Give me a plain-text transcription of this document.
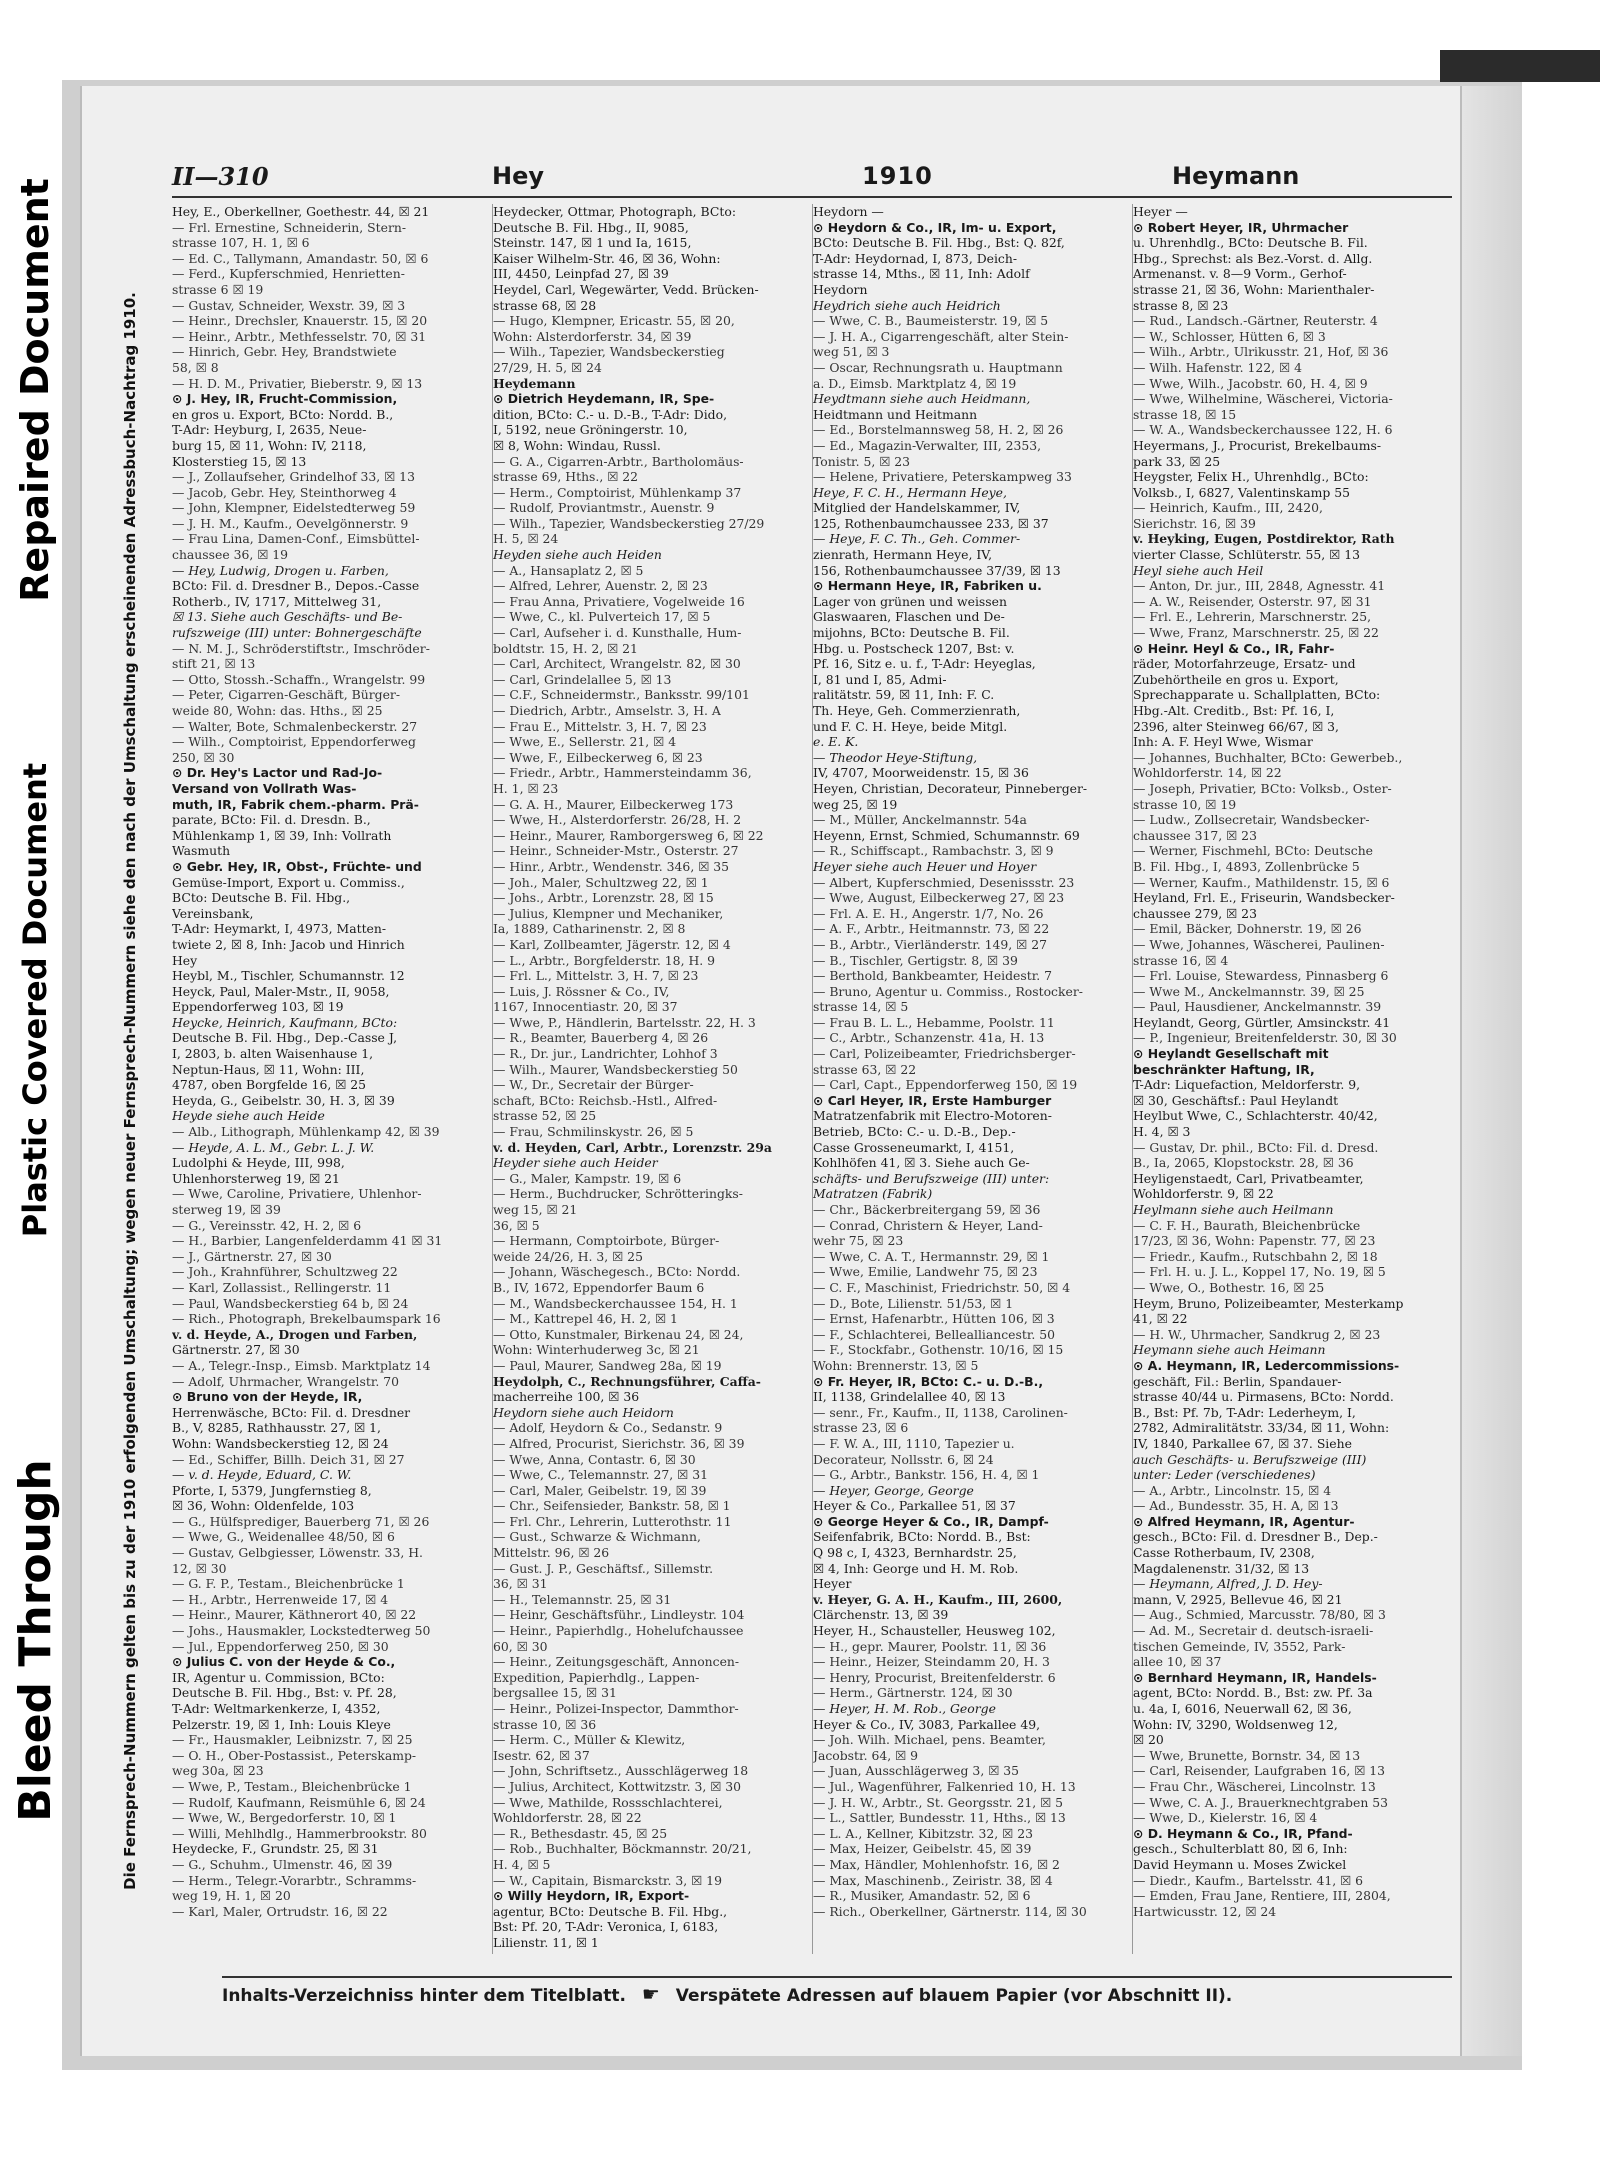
Repaired Document
Plastic Covered Document
Bleed Through
II—310	Hey	1910	Heymann
Die Fernsprech-Nummern gelten bis zu der 1910 erfolgenden Umschaltung; wegen neuer Fernsprech-Nummern siehe den nach der Umschaltung erscheinenden Adressbuch-Nachtrag 1910.
Hey, E., Oberkellner, Goethestr. 44, ☒ 21
— Frl. Ernestine, Schneiderin, Stern-
strasse 107, H. 1, ☒ 6
— Ed. C., Tallymann, Amandastr. 50, ☒ 6
— Ferd., Kupferschmied, Henrietten-
strasse 6 ☒ 19
— Gustav, Schneider, Wexstr. 39, ☒ 3
— Heinr., Drechsler, Knauerstr. 15, ☒ 20
— Heinr., Arbtr., Methfesselstr. 70, ☒ 31
— Hinrich, Gebr. Hey, Brandstwiete
58, ☒ 8
— H. D. M., Privatier, Bieberstr. 9, ☒ 13
⊙ J. Hey, IR, Frucht-Commission,
en gros u. Export, BCto: Nordd. B.,
T-Adr: Heyburg, I, 2635, Neue-
burg 15, ☒ 11, Wohn: IV, 2118,
Klosterstieg 15, ☒ 13
— J., Zollaufseher, Grindelhof 33, ☒ 13
— Jacob, Gebr. Hey, Steinthorweg 4
— John, Klempner, Eidelstedterweg 59
— J. H. M., Kaufm., Oevelgönnerstr. 9
— Frau Lina, Damen-Conf., Eimsbüttel-
chaussee 36, ☒ 19
— Hey, Ludwig, Drogen u. Farben,
BCto: Fil. d. Dresdner B., Depos.-Casse
Rotherb., IV, 1717, Mittelweg 31,
☒ 13. Siehe auch Geschäfts- und Be-
rufszweige (III) unter: Bohnergeschäfte
— N. M. J., Schröderstiftstr., Imschröder-
stift 21, ☒ 13
— Otto, Stossh.-Schaffn., Wrangelstr. 99
— Peter, Cigarren-Geschäft, Bürger-
weide 80, Wohn: das. Hths., ☒ 25
— Walter, Bote, Schmalenbeckerstr. 27
— Wilh., Comptoirist, Eppendorferweg
250, ☒ 30
⊙ Dr. Hey's Lactor und Rad-Jo-
Versand von Vollrath Was-
muth, IR, Fabrik chem.-pharm. Prä-
parate, BCto: Fil. d. Dresdn. B.,
Mühlenkamp 1, ☒ 39, Inh: Vollrath
Wasmuth
⊙ Gebr. Hey, IR, Obst-, Früchte- und
Gemüse-Import, Export u. Commiss.,
BCto: Deutsche B. Fil. Hbg.,
Vereinsbank,
T-Adr: Heymarkt, I, 4973, Matten-
twiete 2, ☒ 8, Inh: Jacob und Hinrich
Hey
Heybl, M., Tischler, Schumannstr. 12
Heyck, Paul, Maler-Mstr., II, 9058,
Eppendorferweg 103, ☒ 19
Heycke, Heinrich, Kaufmann, BCto:
Deutsche B. Fil. Hbg., Dep.-Casse J,
I, 2803, b. alten Waisenhause 1,
Neptun-Haus, ☒ 11, Wohn: III,
4787, oben Borgfelde 16, ☒ 25
Heyda, G., Geibelstr. 30, H. 3, ☒ 39
Heyde siehe auch Heide
— Alb., Lithograph, Mühlenkamp 42, ☒ 39
— Heyde, A. L. M., Gebr. L. J. W.
Ludolphi & Heyde, III, 998,
Uhlenhorsterweg 19, ☒ 21
— Wwe, Caroline, Privatiere, Uhlenhor-
sterweg 19, ☒ 39
— G., Vereinsstr. 42, H. 2, ☒ 6
— H., Barbier, Langenfelderdamm 41 ☒ 31
— J., Gärtnerstr. 27, ☒ 30
— Joh., Krahnführer, Schultzweg 22
— Karl, Zollassist., Rellingerstr. 11
— Paul, Wandsbeckerstieg 64 b, ☒ 24
— Rich., Photograph, Brekelbaumspark 16
v. d. Heyde, A., Drogen und Farben,
Gärtnerstr. 27, ☒ 30
— A., Telegr.-Insp., Eimsb. Marktplatz 14
— Adolf, Uhrmacher, Wrangelstr. 70
⊙ Bruno von der Heyde, IR,
Herrenwäsche, BCto: Fil. d. Dresdner
B., V, 8285, Rathhausstr. 27, ☒ 1,
Wohn: Wandsbeckerstieg 12, ☒ 24
— Ed., Schiffer, Billh. Deich 31, ☒ 27
— v. d. Heyde, Eduard, C. W.
Pforte, I, 5379, Jungfernstieg 8,
☒ 36, Wohn: Oldenfelde, 103
— G., Hülfsprediger, Bauerberg 71, ☒ 26
— Wwe, G., Weidenallee 48/50, ☒ 6
— Gustav, Gelbgiesser, Löwenstr. 33, H.
12, ☒ 30
— G. F. P., Testam., Bleichenbrücke 1
— H., Arbtr., Herrenweide 17, ☒ 4
— Heinr., Maurer, Käthnerort 40, ☒ 22
— Johs., Hausmakler, Lockstedterweg 50
— Jul., Eppendorferweg 250, ☒ 30
⊙ Julius C. von der Heyde & Co.,
IR, Agentur u. Commission, BCto:
Deutsche B. Fil. Hbg., Bst: v. Pf. 28,
T-Adr: Weltmarkenkerze, I, 4352,
Pelzerstr. 19, ☒ 1, Inh: Louis Kleye
— Fr., Hausmakler, Leibnizstr. 7, ☒ 25
— O. H., Ober-Postassist., Peterskamp-
weg 30a, ☒ 23
— Wwe, P., Testam., Bleichenbrücke 1
— Rudolf, Kaufmann, Reismühle 6, ☒ 24
— Wwe, W., Bergedorferstr. 10, ☒ 1
— Willi, Mehlhdlg., Hammerbrookstr. 80
Heydecke, F., Grundstr. 25, ☒ 31
— G., Schuhm., Ulmenstr. 46, ☒ 39
— Herm., Telegr.-Vorarbtr., Schramms-
weg 19, H. 1, ☒ 20
— Karl, Maler, Ortrudstr. 16, ☒ 22
Heydecker, Ottmar, Photograph, BCto:
Deutsche B. Fil. Hbg., II, 9085,
Steinstr. 147, ☒ 1 und Ia, 1615,
Kaiser Wilhelm-Str. 46, ☒ 36, Wohn:
III, 4450, Leinpfad 27, ☒ 39
Heydel, Carl, Wegewärter, Vedd. Brücken-
strasse 68, ☒ 28
— Hugo, Klempner, Ericastr. 55, ☒ 20,
Wohn: Alsterdorferstr. 34, ☒ 39
— Wilh., Tapezier, Wandsbeckerstieg
27/29, H. 5, ☒ 24
Heydemann
⊙ Dietrich Heydemann, IR, Spe-
dition, BCto: C.- u. D.-B., T-Adr: Dido,
I, 5192, neue Gröningerstr. 10,
☒ 8, Wohn: Windau, Russl.
— G. A., Cigarren-Arbtr., Bartholomäus-
strasse 69, Hths., ☒ 22
— Herm., Comptoirist, Mühlenkamp 37
— Rudolf, Proviantmstr., Auenstr. 9
— Wilh., Tapezier, Wandsbeckerstieg 27/29
H. 5, ☒ 24
Heyden siehe auch Heiden
— A., Hansaplatz 2, ☒ 5
— Alfred, Lehrer, Auenstr. 2, ☒ 23
— Frau Anna, Privatiere, Vogelweide 16
— Wwe, C., kl. Pulverteich 17, ☒ 5
— Carl, Aufseher i. d. Kunsthalle, Hum-
boldtstr. 15, H. 2, ☒ 21
— Carl, Architect, Wrangelstr. 82, ☒ 30
— Carl, Grindelallee 5, ☒ 13
— C.F., Schneidermstr., Banksstr. 99/101
— Diedrich, Arbtr., Amselstr. 3, H. A
— Frau E., Mittelstr. 3, H. 7, ☒ 23
— Wwe, E., Sellerstr. 21, ☒ 4
— Wwe, F., Eilbeckerweg 6, ☒ 23
— Friedr., Arbtr., Hammersteindamm 36,
H. 1, ☒ 23
— G. A. H., Maurer, Eilbeckerweg 173
— Wwe, H., Alsterdorferstr. 26/28, H. 2
— Heinr., Maurer, Ramborgersweg 6, ☒ 22
— Heinr., Schneider-Mstr., Osterstr. 27
— Hinr., Arbtr., Wendenstr. 346, ☒ 35
— Joh., Maler, Schultzweg 22, ☒ 1
— Johs., Arbtr., Lorenzstr. 28, ☒ 15
— Julius, Klempner und Mechaniker,
Ia, 1889, Catharinenstr. 2, ☒ 8
— Karl, Zollbeamter, Jägerstr. 12, ☒ 4
— L., Arbtr., Borgfelderstr. 18, H. 9
— Frl. L., Mittelstr. 3, H. 7, ☒ 23
— Luis, J. Rössner & Co., IV,
1167, Innocentiastr. 20, ☒ 37
— Wwe, P., Händlerin, Bartelsstr. 22, H. 3
— R., Beamter, Bauerberg 4, ☒ 26
— R., Dr. jur., Landrichter, Lohhof 3
— Wilh., Maurer, Wandsbeckerstieg 50
— W., Dr., Secretair der Bürger-
schaft, BCto: Reichsb.-Hstl., Alfred-
strasse 52, ☒ 25
— Frau, Schmilinskystr. 26, ☒ 5
v. d. Heyden, Carl, Arbtr., Lorenzstr. 29a
Heyder siehe auch Heider
— G., Maler, Kampstr. 19, ☒ 6
— Herm., Buchdrucker, Schrötteringks-
weg 15, ☒ 21
36, ☒ 5
— Hermann, Comptoirbote, Bürger-
weide 24/26, H. 3, ☒ 25
— Johann, Wäschegesch., BCto: Nordd.
B., IV, 1672, Eppendorfer Baum 6
— M., Wandsbeckerchaussee 154, H. 1
— M., Kattrepel 46, H. 2, ☒ 1
— Otto, Kunstmaler, Birkenau 24, ☒ 24,
Wohn: Winterhuderweg 3c, ☒ 21
— Paul, Maurer, Sandweg 28a, ☒ 19
Heydolph, C., Rechnungsführer, Caffa-
macherreihe 100, ☒ 36
Heydorn siehe auch Heidorn
— Adolf, Heydorn & Co., Sedanstr. 9
— Alfred, Procurist, Sierichstr. 36, ☒ 39
— Wwe, Anna, Contastr. 6, ☒ 30
— Wwe, C., Telemannstr. 27, ☒ 31
— Carl, Maler, Geibelstr. 19, ☒ 39
— Chr., Seifensieder, Bankstr. 58, ☒ 1
— Frl. Chr., Lehrerin, Lutterothstr. 11
— Gust., Schwarze & Wichmann,
Mittelstr. 96, ☒ 26
— Gust. J. P., Geschäftsf., Sillemstr.
36, ☒ 31
— H., Telemannstr. 25, ☒ 31
— Heinr, Geschäftsführ., Lindleystr. 104
— Heinr., Papierhdlg., Hohelufchaussee
60, ☒ 30
— Heinr., Zeitungsgeschäft, Annoncen-
Expedition, Papierhdlg., Lappen-
bergsallee 15, ☒ 31
— Heinr., Polizei-Inspector, Dammthor-
strasse 10, ☒ 36
— Herm. C., Müller & Klewitz,
Isestr. 62, ☒ 37
— John, Schriftsetz., Ausschlägerweg 18
— Julius, Architect, Kottwitzstr. 3, ☒ 30
— Wwe, Mathilde, Rossschlachterei,
Wohldorferstr. 28, ☒ 22
— R., Bethesdastr. 45, ☒ 25
— Rob., Buchhalter, Böckmannstr. 20/21,
H. 4, ☒ 5
— W., Capitain, Bismarckstr. 3, ☒ 19
⊙ Willy Heydorn, IR, Export-
agentur, BCto: Deutsche B. Fil. Hbg.,
Bst: Pf. 20, T-Adr: Veronica, I, 6183,
Lilienstr. 11, ☒ 1
Heydorn —
⊙ Heydorn & Co., IR, Im- u. Export,
BCto: Deutsche B. Fil. Hbg., Bst: Q. 82f,
T-Adr: Heydornad, I, 873, Deich-
strasse 14, Mths., ☒ 11, Inh: Adolf
Heydorn
Heydrich siehe auch Heidrich
— Wwe, C. B., Baumeisterstr. 19, ☒ 5
— J. H. A., Cigarrengeschäft, alter Stein-
weg 51, ☒ 3
— Oscar, Rechnungsrath u. Hauptmann
a. D., Eimsb. Marktplatz 4, ☒ 19
Heydtmann siehe auch Heidmann,
Heidtmann und Heitmann
— Ed., Borstelmannsweg 58, H. 2, ☒ 26
— Ed., Magazin-Verwalter, III, 2353,
Tonistr. 5, ☒ 23
— Helene, Privatiere, Peterskampweg 33
Heye, F. C. H., Hermann Heye,
Mitglied der Handelskammer, IV,
125, Rothenbaumchaussee 233, ☒ 37
— Heye, F. C. Th., Geh. Commer-
zienrath, Hermann Heye, IV,
156, Rothenbaumchaussee 37/39, ☒ 13
⊙ Hermann Heye, IR, Fabriken u.
Lager von grünen und weissen
Glaswaaren, Flaschen und De-
mijohns, BCto: Deutsche B. Fil.
Hbg. u. Postscheck 1207, Bst: v.
Pf. 16, Sitz e. u. f., T-Adr: Heyeglas,
I, 81 und I, 85, Admi-
ralitätstr. 59, ☒ 11, Inh: F. C.
Th. Heye, Geh. Commerzienrath,
und F. C. H. Heye, beide Mitgl.
e. E. K.
— Theodor Heye-Stiftung,
IV, 4707, Moorweidenstr. 15, ☒ 36
Heyen, Christian, Decorateur, Pinneberger-
weg 25, ☒ 19
— M., Müller, Anckelmannstr. 54a
Heyenn, Ernst, Schmied, Schumannstr. 69
— R., Schiffscapt., Rambachstr. 3, ☒ 9
Heyer siehe auch Heuer und Hoyer
— Albert, Kupferschmied, Desenissstr. 23
— Wwe, August, Eilbeckerweg 27, ☒ 23
— Frl. A. E. H., Angerstr. 1/7, No. 26
— A. F., Arbtr., Heitmannstr. 73, ☒ 22
— B., Arbtr., Vierländerstr. 149, ☒ 27
— B., Tischler, Gertigstr. 8, ☒ 39
— Berthold, Bankbeamter, Heidestr. 7
— Bruno, Agentur u. Commiss., Rostocker-
strasse 14, ☒ 5
— Frau B. L. L., Hebamme, Poolstr. 11
— C., Arbtr., Schanzenstr. 41a, H. 13
— Carl, Polizeibeamter, Friedrichsberger-
strasse 63, ☒ 22
— Carl, Capt., Eppendorferweg 150, ☒ 19
⊙ Carl Heyer, IR, Erste Hamburger
Matratzenfabrik mit Electro-Motoren-
Betrieb, BCto: C.- u. D.-B., Dep.-
Casse Grosseneumarkt, I, 4151,
Kohlhöfen 41, ☒ 3. Siehe auch Ge-
schäfts- und Berufszweige (III) unter:
Matratzen (Fabrik)
— Chr., Bäckerbreitergang 59, ☒ 36
— Conrad, Christern & Heyer, Land-
wehr 75, ☒ 23
— Wwe, C. A. T., Hermannstr. 29, ☒ 1
— Wwe, Emilie, Landwehr 75, ☒ 23
— C. F., Maschinist, Friedrichstr. 50, ☒ 4
— D., Bote, Lilienstr. 51/53, ☒ 1
— Ernst, Hafenarbtr., Hütten 106, ☒ 3
— F., Schlachterei, Bellealliancestr. 50
— F., Stockfabr., Gothenstr. 10/16, ☒ 15
Wohn: Brennerstr. 13, ☒ 5
⊙ Fr. Heyer, IR, BCto: C.- u. D.-B.,
II, 1138, Grindelallee 40, ☒ 13
— senr., Fr., Kaufm., II, 1138, Carolinen-
strasse 23, ☒ 6
— F. W. A., III, 1110, Tapezier u.
Decorateur, Nollsstr. 6, ☒ 24
— G., Arbtr., Bankstr. 156, H. 4, ☒ 1
— Heyer, George, George
Heyer & Co., Parkallee 51, ☒ 37
⊙ George Heyer & Co., IR, Dampf-
Seifenfabrik, BCto: Nordd. B., Bst:
Q 98 c, I, 4323, Bernhardstr. 25,
☒ 4, Inh: George und H. M. Rob.
Heyer
v. Heyer, G. A. H., Kaufm., III, 2600,
Clärchenstr. 13, ☒ 39
Heyer, H., Schausteller, Heusweg 102,
— H., gepr. Maurer, Poolstr. 11, ☒ 36
— Heinr., Heizer, Steindamm 20, H. 3
— Henry, Procurist, Breitenfelderstr. 6
— Herm., Gärtnerstr. 124, ☒ 30
— Heyer, H. M. Rob., George
Heyer & Co., IV, 3083, Parkallee 49,
— Joh. Wilh. Michael, pens. Beamter,
Jacobstr. 64, ☒ 9
— Juan, Ausschlägerweg 3, ☒ 35
— Jul., Wagenführer, Falkenried 10, H. 13
— J. H. W., Arbtr., St. Georgsstr. 21, ☒ 5
— L., Sattler, Bundesstr. 11, Hths., ☒ 13
— L. A., Kellner, Kibitzstr. 32, ☒ 23
— Max, Heizer, Geibelstr. 45, ☒ 39
— Max, Händler, Mohlenhofstr. 16, ☒ 2
— Max, Maschinenb., Zeiristr. 38, ☒ 4
— R., Musiker, Amandastr. 52, ☒ 6
— Rich., Oberkellner, Gärtnerstr. 114, ☒ 30
Heyer —
⊙ Robert Heyer, IR, Uhrmacher
u. Uhrenhdlg., BCto: Deutsche B. Fil.
Hbg., Sprechst: als Bez.-Vorst. d. Allg.
Armenanst. v. 8—9 Vorm., Gerhof-
strasse 21, ☒ 36, Wohn: Marienthaler-
strasse 8, ☒ 23
— Rud., Landsch.-Gärtner, Reuterstr. 4
— W., Schlosser, Hütten 6, ☒ 3
— Wilh., Arbtr., Ulrikusstr. 21, Hof, ☒ 36
— Wilh. Hafenstr. 122, ☒ 4
— Wwe, Wilh., Jacobstr. 60, H. 4, ☒ 9
— Wwe, Wilhelmine, Wäscherei, Victoria-
strasse 18, ☒ 15
— W. A., Wandsbeckerchaussee 122, H. 6
Heyermans, J., Procurist, Brekelbaums-
park 33, ☒ 25
Heygster, Felix H., Uhrenhdlg., BCto:
Volksb., I, 6827, Valentinskamp 55
— Heinrich, Kaufm., III, 2420,
Sierichstr. 16, ☒ 39
v. Heyking, Eugen, Postdirektor, Rath
vierter Classe, Schlüterstr. 55, ☒ 13
Heyl siehe auch Heil
— Anton, Dr. jur., III, 2848, Agnesstr. 41
— A. W., Reisender, Osterstr. 97, ☒ 31
— Frl. E., Lehrerin, Marschnerstr. 25,
— Wwe, Franz, Marschnerstr. 25, ☒ 22
⊙ Heinr. Heyl & Co., IR, Fahr-
räder, Motorfahrzeuge, Ersatz- und
Zubehörtheile en gros u. Export,
Sprechapparate u. Schallplatten, BCto:
Hbg.-Alt. Creditb., Bst: Pf. 16, I,
2396, alter Steinweg 66/67, ☒ 3,
Inh: A. F. Heyl Wwe, Wismar
— Johannes, Buchhalter, BCto: Gewerbeb.,
Wohldorferstr. 14, ☒ 22
— Joseph, Privatier, BCto: Volksb., Oster-
strasse 10, ☒ 19
— Ludw., Zollsecretair, Wandsbecker-
chaussee 317, ☒ 23
— Werner, Fischmehl, BCto: Deutsche
B. Fil. Hbg., I, 4893, Zollenbrücke 5
— Werner, Kaufm., Mathildenstr. 15, ☒ 6
Heyland, Frl. E., Friseurin, Wandsbecker-
chaussee 279, ☒ 23
— Emil, Bäcker, Dohnerstr. 19, ☒ 26
— Wwe, Johannes, Wäscherei, Paulinen-
strasse 16, ☒ 4
— Frl. Louise, Stewardess, Pinnasberg 6
— Wwe M., Anckelmannstr. 39, ☒ 25
— Paul, Hausdiener, Anckelmannstr. 39
Heylandt, Georg, Gürtler, Amsinckstr. 41
— P., Ingenieur, Breitenfelderstr. 30, ☒ 30
⊙ Heylandt Gesellschaft mit
beschränkter Haftung, IR,
T-Adr: Liquefaction, Meldorferstr. 9,
☒ 30, Geschäftsf.: Paul Heylandt
Heylbut Wwe, C., Schlachterstr. 40/42,
H. 4, ☒ 3
— Gustav, Dr. phil., BCto: Fil. d. Dresd.
B., Ia, 2065, Klopstockstr. 28, ☒ 36
Heyligenstaedt, Carl, Privatbeamter,
Wohldorferstr. 9, ☒ 22
Heylmann siehe auch Heilmann
— C. F. H., Baurath, Bleichenbrücke
17/23, ☒ 36, Wohn: Papenstr. 77, ☒ 23
— Friedr., Kaufm., Rutschbahn 2, ☒ 18
— Frl. H. u. J. L., Koppel 17, No. 19, ☒ 5
— Wwe, O., Bothestr. 16, ☒ 25
Heym, Bruno, Polizeibeamter, Mesterkamp
41, ☒ 22
— H. W., Uhrmacher, Sandkrug 2, ☒ 23
Heymann siehe auch Heimann
⊙ A. Heymann, IR, Ledercommissions-
geschäft, Fil.: Berlin, Spandauer-
strasse 40/44 u. Pirmasens, BCto: Nordd.
B., Bst: Pf. 7b, T-Adr: Lederheym, I,
2782, Admiralitätstr. 33/34, ☒ 11, Wohn:
IV, 1840, Parkallee 67, ☒ 37. Siehe
auch Geschäfts- u. Berufszweige (III)
unter: Leder (verschiedenes)
— A., Arbtr., Lincolnstr. 15, ☒ 4
— Ad., Bundesstr. 35, H. A, ☒ 13
⊙ Alfred Heymann, IR, Agentur-
gesch., BCto: Fil. d. Dresdner B., Dep.-
Casse Rotherbaum, IV, 2308,
Magdalenenstr. 31/32, ☒ 13
— Heymann, Alfred, J. D. Hey-
mann, V, 2925, Bellevue 46, ☒ 21
— Aug., Schmied, Marcusstr. 78/80, ☒ 3
— Ad. M., Secretair d. deutsch-israeli-
tischen Gemeinde, IV, 3552, Park-
allee 10, ☒ 37
⊙ Bernhard Heymann, IR, Handels-
agent, BCto: Nordd. B., Bst: zw. Pf. 3a
u. 4a, I, 6016, Neuerwall 62, ☒ 36,
Wohn: IV, 3290, Woldsenweg 12,
☒ 20
— Wwe, Brunette, Bornstr. 34, ☒ 13
— Carl, Reisender, Laufgraben 16, ☒ 13
— Frau Chr., Wäscherei, Lincolnstr. 13
— Wwe, C. A. J., Brauerknechtgraben 53
— Wwe, D., Kielerstr. 16, ☒ 4
⊙ D. Heymann & Co., IR, Pfand-
gesch., Schulterblatt 80, ☒ 6, Inh:
David Heymann u. Moses Zwickel
— Diedr., Kaufm., Bartelsstr. 41, ☒ 6
— Emden, Frau Jane, Rentiere, III, 2804,
Hartwicusstr. 12, ☒ 24
Inhalts-Verzeichniss hinter dem Titelblatt. ☛ Verspätete Adressen auf blauem Papier (vor Abschnitt II).
